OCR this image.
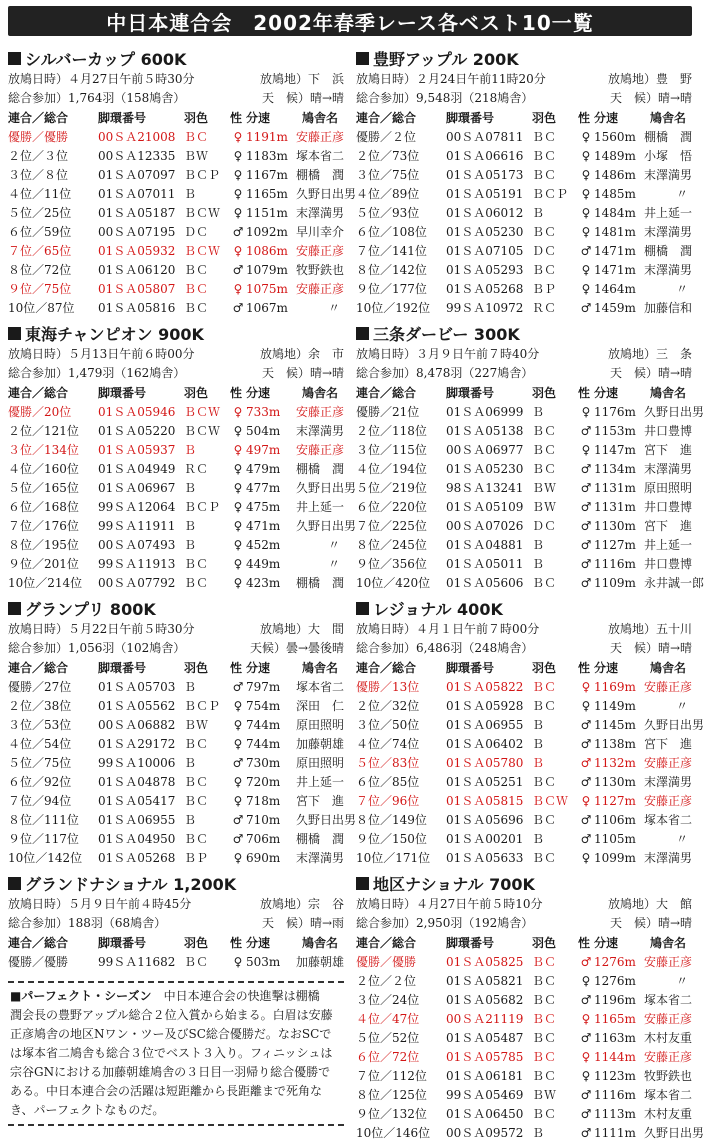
中日本連合会　2002年春季レース各ベスト10一覧
シルバーカップ 600K
放鳩日時）４月27日午前５時30分	放鳩地）下　浜
総合参加）1,764羽（158鳩舎）	天　候）晴→晴
連合／総合	脚環番号	羽色	性 分速	鳩舎名
優勝／優勝	00ＳＡ21008 ＢＣ	♀ 1191m 安藤正彦
２位／３位	00ＳＡ12335 ＢＷ	♀ 1183m 塚本省二
３位／８位	01ＳＡ07097 ＢＣＰ	♀ 1167m 棚橋　潤
４位／11位	01ＳＡ07011 Ｂ	♀ 1165m 久野日出男
５位／25位	01ＳＡ05187 ＢＣＷ	♀ 1151m 末澤満男
６位／59位	00ＳＡ07195 ＤＣ	♂ 1092m 早川幸介
７位／65位	01ＳＡ05932 ＢＣＷ	♀ 1086m 安藤正彦
８位／72位	01ＳＡ06120 ＢＣ	♂ 1079m 牧野鉄也
９位／75位	01ＳＡ05807 ＢＣ	♀ 1075m 安藤正彦
10位／87位	01ＳＡ05816 ＢＣ	♂ 1067m	〃
東海チャンピオン 900K
放鳩日時）５月13日午前６時00分	放鳩地）余　市
総合参加）1,479羽（162鳩舎）	天　候）晴→晴
連合／総合	脚環番号	羽色	性 分速	鳩舎名
優勝／20位	01ＳＡ05946 ＢＣＷ	♀ 733m	安藤正彦
２位／121位	01ＳＡ05220 ＢＣＷ	♀ 504m	末澤満男
３位／134位	01ＳＡ05937 Ｂ	♀ 497m	安藤正彦
４位／160位	01ＳＡ04949 ＲＣ	♀ 479m	棚橋　潤
５位／165位	01ＳＡ06967 Ｂ	♀ 477m	久野日出男
６位／168位	99ＳＡ12064 ＢＣＰ	♀ 475m	井上延一
７位／176位	99ＳＡ11911 Ｂ	♀ 471m	久野日出男
８位／195位	00ＳＡ07493 Ｂ	♀ 452m	〃
９位／201位	99ＳＡ11913 ＢＣ	♀ 449m	〃
10位／214位	00ＳＡ07792 ＢＣ	♀ 423m	棚橋　潤
グランプリ 800K
放鳩日時）５月22日午前５時30分	放鳩地）大　間
総合参加）1,056羽（102鳩舎）	天候）曇→曇後晴
連合／総合	脚環番号	羽色	性 分速	鳩舎名
優勝／27位	01ＳＡ05703 Ｂ	♂ 797m	塚本省二
２位／38位	01ＳＡ05562 ＢＣＰ	♀ 754m	深田　仁
３位／53位	00ＳＡ06882 ＢＷ	♀ 744m	原田照明
４位／54位	01ＳＡ29172 ＢＣ	♀ 744m	加藤朝雄
５位／75位	99ＳＡ10006 Ｂ	♂ 730m	原田照明
６位／92位	01ＳＡ04878 ＢＣ	♀ 720m	井上延一
７位／94位	01ＳＡ05417 ＢＣ	♀ 718m	宮下　進
８位／111位	01ＳＡ06955 Ｂ	♂ 710m	久野日出男
９位／117位	01ＳＡ04950 ＢＣ	♂ 706m	棚橋　潤
10位／142位	01ＳＡ05268 ＢＰ	♀ 690m	末澤満男
グランドナショナル 1,200K
放鳩日時）５月９日午前４時45分	放鳩地）宗　谷
総合参加）188羽（68鳩舎）	天　候）晴→雨
連合／総合	脚環番号	羽色	性 分速	鳩舎名
優勝／優勝	99ＳＡ11682 ＢＣ	♀ 503m	加藤朝雄
■パーフェクト・シーズン　 中日本連合会の快進撃は棚橋　潤会長の豊野アップル総合２位入賞から始まる。白眉は安藤正彦鳩舎の地区Nワン・ツー及びSC総合優勝だ。なおSCでは塚本省二鳩舎も総合３位でベスト３入り。フィニッシュは宗谷GNにおける加藤朝雄鳩舎の３日目一羽帰り総合優勝である。中日本連合会の活躍は短距離から長距離まで死角なき、パーフェクトなものだ。
豊野アップル 200K
放鳩日時）２月24日午前11時20分	放鳩地）豊　野
総合参加）9,548羽（218鳩舎）	天　候）晴→晴
連合／総合	脚環番号	羽色	性 分速	鳩舎名
優勝／２位	00ＳＡ07811 ＢＣ	♀ 1560m 棚橋　潤
２位／73位	01ＳＡ06616 ＢＣ	♀ 1489m 小塚　悟
３位／75位	01ＳＡ05173 ＢＣ	♀ 1486m 末澤満男
４位／89位	01ＳＡ05191 ＢＣＰ	♀ 1485m	〃
５位／93位	01ＳＡ06012 Ｂ	♀ 1484m 井上延一
６位／108位	01ＳＡ05230 ＢＣ	♀ 1481m 末澤満男
７位／141位	01ＳＡ07105 ＤＣ	♂ 1471m 棚橋　潤
８位／142位	01ＳＡ05293 ＢＣ	♀ 1471m 末澤満男
９位／177位	01ＳＡ05268 ＢＰ	♀ 1464m	〃
10位／192位	99ＳＡ10972 ＲＣ	♂ 1459m 加藤信和
三条ダービー 300K
放鳩日時）３月９日午前７時40分	放鳩地）三　条
総合参加）8,478羽（227鳩舎）	天　候）晴→晴
連合／総合	脚環番号	羽色	性 分速	鳩舎名
優勝／21位	01ＳＡ06999 Ｂ	♀ 1176m 久野日出男
２位／118位	01ＳＡ05138 ＢＣ	♂ 1153m 井口豊博
３位／115位	00ＳＡ06977 ＢＣ	♀ 1147m 宮下　進
４位／194位	01ＳＡ05230 ＢＣ	♂ 1134m 末澤満男
５位／219位	98ＳＡ13241 ＢＷ	♂ 1131m 原田照明
６位／220位	01ＳＡ05109 ＢＷ	♂ 1131m 井口豊博
７位／225位	00ＳＡ07026 ＤＣ	♂ 1130m 宮下　進
８位／245位	01ＳＡ04881 Ｂ	♂ 1127m 井上延一
９位／356位	01ＳＡ05011 Ｂ	♂ 1116m 井口豊博
10位／420位	01ＳＡ05606 ＢＣ	♂ 1109m 永井誠一郎
レジョナル 400K
放鳩日時）４月１日午前７時00分	放鳩地）五十川
総合参加）6,486羽（248鳩舎）	天　候）晴→晴
連合／総合	脚環番号	羽色	性 分速	鳩舎名
優勝／13位	01ＳＡ05822 ＢＣ	♀ 1169m 安藤正彦
２位／32位	01ＳＡ05928 ＢＣ	♀ 1149m	〃
３位／50位	01ＳＡ06955 Ｂ	♂ 1145m 久野日出男
４位／74位	01ＳＡ06402 Ｂ	♂ 1138m 宮下　進
５位／83位	01ＳＡ05780 Ｂ	♂ 1132m 安藤正彦
６位／85位	01ＳＡ05251 ＢＣ	♂ 1130m 末澤満男
７位／96位	01ＳＡ05815 ＢＣＷ	♀ 1127m 安藤正彦
８位／149位	01ＳＡ05696 ＢＣ	♂ 1106m 塚本省二
９位／150位	01ＳＡ00201 Ｂ	♂ 1105m	〃
10位／171位	01ＳＡ05633 ＢＣ	♀ 1099m 末澤満男
地区ナショナル 700K
放鳩日時）４月27日午前５時10分	放鳩地）大　館
総合参加）2,950羽（192鳩舎）	天　候）晴→晴
連合／総合	脚環番号	羽色	性 分速	鳩舎名
優勝／優勝	01ＳＡ05825 ＢＣ	♂ 1276m 安藤正彦
２位／２位	01ＳＡ05821 ＢＣ	♀ 1276m	〃
３位／24位	01ＳＡ05682 ＢＣ	♂ 1196m 塚本省二
４位／47位	00ＳＡ21119 ＢＣ	♀ 1165m 安藤正彦
５位／52位	01ＳＡ05487 ＢＣ	♂ 1163m 木村友重
６位／72位	01ＳＡ05785 ＢＣ	♀ 1144m 安藤正彦
７位／112位	01ＳＡ06181 ＢＣ	♀ 1123m 牧野鉄也
８位／125位	99ＳＡ05469 ＢＷ	♂ 1116m 塚本省二
９位／132位	01ＳＡ06450 ＢＣ	♂ 1113m 木村友重
10位／146位	00ＳＡ09572 Ｂ	♂ 1111m 久野日出男
